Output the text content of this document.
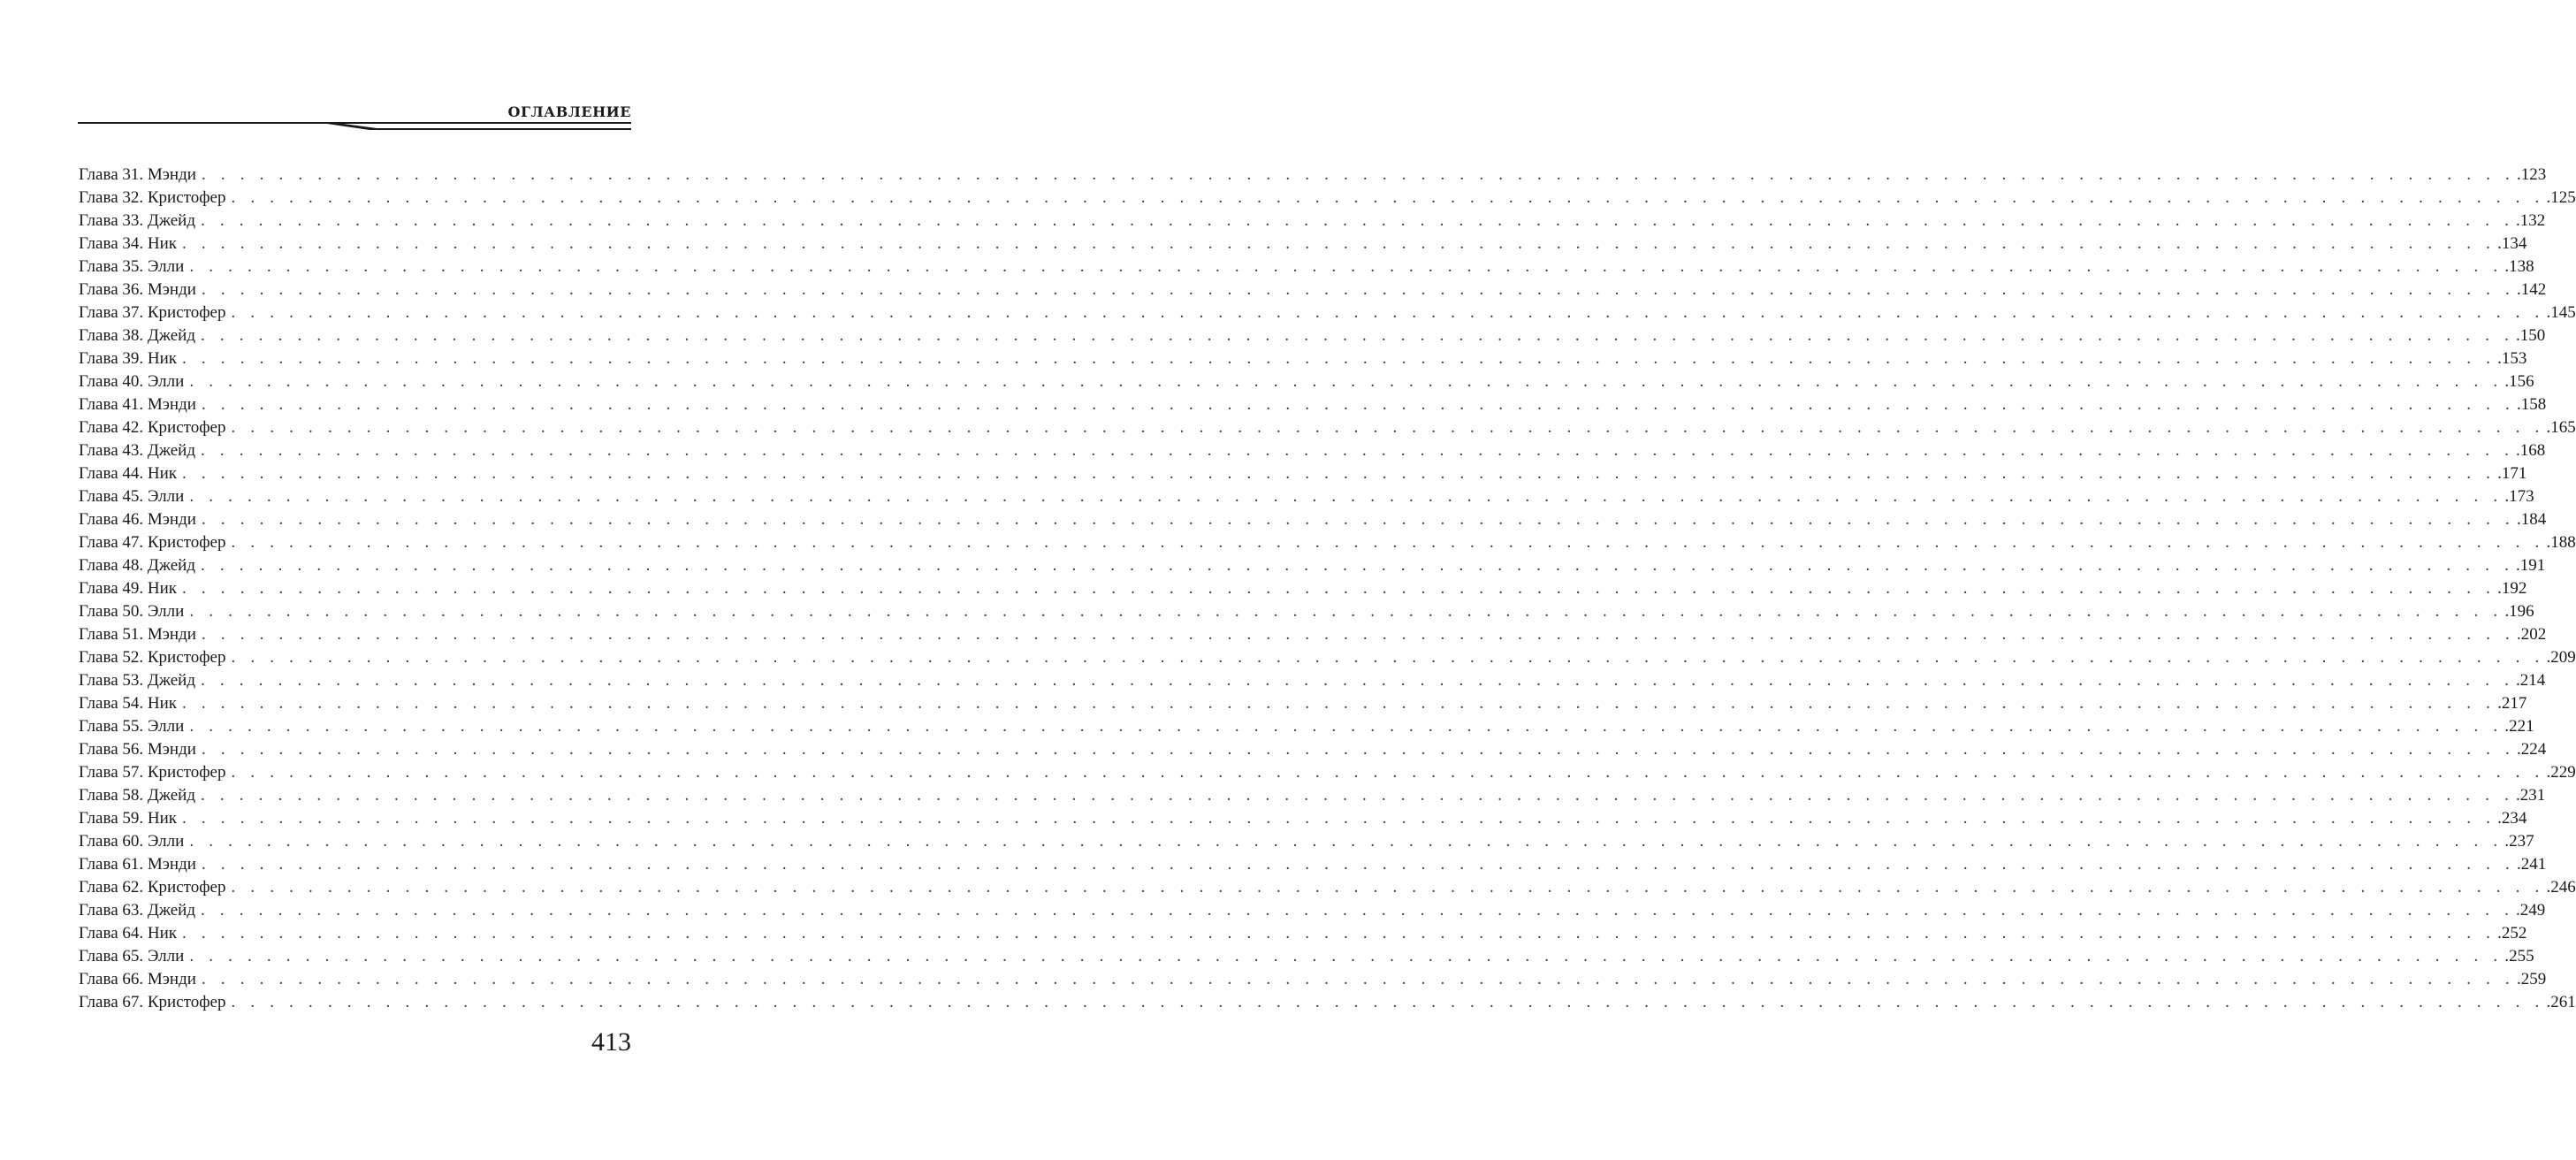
ОГЛАВЛЕНИЕ
Глава 31. Мэнди . . . . . . . . . . . . . . . . . . . . . . . . . . . . . . . . . . . . . . . . . . . . . . . . . . . . . . . . . . . . . . . . . . . . . . . . . . . . . . . . . . . . . . . . . . . . . . . . . . . . . . . . . . . . . . . . . . . . . . . . .123
Глава 32. Кристофер . . . . . . . . . . . . . . . . . . . . . . . . . . . . . . . . . . . . . . . . . . . . . . . . . . . . . . . . . . . . . . . . . . . . . . . . . . . . . . . . . . . . . . . . . . . . . . . . . . . . . . . . . . . . . . . . . . . . . . . . .125
Глава 33. Джейд . . . . . . . . . . . . . . . . . . . . . . . . . . . . . . . . . . . . . . . . . . . . . . . . . . . . . . . . . . . . . . . . . . . . . . . . . . . . . . . . . . . . . . . . . . . . . . . . . . . . . . . . . . . . . . . . . . . . . . . . .132
Глава 34. Ник . . . . . . . . . . . . . . . . . . . . . . . . . . . . . . . . . . . . . . . . . . . . . . . . . . . . . . . . . . . . . . . . . . . . . . . . . . . . . . . . . . . . . . . . . . . . . . . . . . . . . . . . . . . . . . . . . . . . . . . . .134
Глава 35. Элли . . . . . . . . . . . . . . . . . . . . . . . . . . . . . . . . . . . . . . . . . . . . . . . . . . . . . . . . . . . . . . . . . . . . . . . . . . . . . . . . . . . . . . . . . . . . . . . . . . . . . . . . . . . . . . . . . . . . . . . . .138
Глава 36. Мэнди . . . . . . . . . . . . . . . . . . . . . . . . . . . . . . . . . . . . . . . . . . . . . . . . . . . . . . . . . . . . . . . . . . . . . . . . . . . . . . . . . . . . . . . . . . . . . . . . . . . . . . . . . . . . . . . . . . . . . . . . .142
Глава 37. Кристофер . . . . . . . . . . . . . . . . . . . . . . . . . . . . . . . . . . . . . . . . . . . . . . . . . . . . . . . . . . . . . . . . . . . . . . . . . . . . . . . . . . . . . . . . . . . . . . . . . . . . . . . . . . . . . . . . . . . . . . . . .145
Глава 38. Джейд . . . . . . . . . . . . . . . . . . . . . . . . . . . . . . . . . . . . . . . . . . . . . . . . . . . . . . . . . . . . . . . . . . . . . . . . . . . . . . . . . . . . . . . . . . . . . . . . . . . . . . . . . . . . . . . . . . . . . . . . .150
Глава 39. Ник . . . . . . . . . . . . . . . . . . . . . . . . . . . . . . . . . . . . . . . . . . . . . . . . . . . . . . . . . . . . . . . . . . . . . . . . . . . . . . . . . . . . . . . . . . . . . . . . . . . . . . . . . . . . . . . . . . . . . . . . .153
Глава 40. Элли . . . . . . . . . . . . . . . . . . . . . . . . . . . . . . . . . . . . . . . . . . . . . . . . . . . . . . . . . . . . . . . . . . . . . . . . . . . . . . . . . . . . . . . . . . . . . . . . . . . . . . . . . . . . . . . . . . . . . . . . .156
Глава 41. Мэнди . . . . . . . . . . . . . . . . . . . . . . . . . . . . . . . . . . . . . . . . . . . . . . . . . . . . . . . . . . . . . . . . . . . . . . . . . . . . . . . . . . . . . . . . . . . . . . . . . . . . . . . . . . . . . . . . . . . . . . . . .158
Глава 42. Кристофер . . . . . . . . . . . . . . . . . . . . . . . . . . . . . . . . . . . . . . . . . . . . . . . . . . . . . . . . . . . . . . . . . . . . . . . . . . . . . . . . . . . . . . . . . . . . . . . . . . . . . . . . . . . . . . . . . . . . . . . . .165
Глава 43. Джейд . . . . . . . . . . . . . . . . . . . . . . . . . . . . . . . . . . . . . . . . . . . . . . . . . . . . . . . . . . . . . . . . . . . . . . . . . . . . . . . . . . . . . . . . . . . . . . . . . . . . . . . . . . . . . . . . . . . . . . . . .168
Глава 44. Ник . . . . . . . . . . . . . . . . . . . . . . . . . . . . . . . . . . . . . . . . . . . . . . . . . . . . . . . . . . . . . . . . . . . . . . . . . . . . . . . . . . . . . . . . . . . . . . . . . . . . . . . . . . . . . . . . . . . . . . . . .171
Глава 45. Элли . . . . . . . . . . . . . . . . . . . . . . . . . . . . . . . . . . . . . . . . . . . . . . . . . . . . . . . . . . . . . . . . . . . . . . . . . . . . . . . . . . . . . . . . . . . . . . . . . . . . . . . . . . . . . . . . . . . . . . . . .173
Глава 46. Мэнди . . . . . . . . . . . . . . . . . . . . . . . . . . . . . . . . . . . . . . . . . . . . . . . . . . . . . . . . . . . . . . . . . . . . . . . . . . . . . . . . . . . . . . . . . . . . . . . . . . . . . . . . . . . . . . . . . . . . . . . . .184
Глава 47. Кристофер . . . . . . . . . . . . . . . . . . . . . . . . . . . . . . . . . . . . . . . . . . . . . . . . . . . . . . . . . . . . . . . . . . . . . . . . . . . . . . . . . . . . . . . . . . . . . . . . . . . . . . . . . . . . . . . . . . . . . . . . .188
Глава 48. Джейд . . . . . . . . . . . . . . . . . . . . . . . . . . . . . . . . . . . . . . . . . . . . . . . . . . . . . . . . . . . . . . . . . . . . . . . . . . . . . . . . . . . . . . . . . . . . . . . . . . . . . . . . . . . . . . . . . . . . . . . . .191
Глава 49. Ник . . . . . . . . . . . . . . . . . . . . . . . . . . . . . . . . . . . . . . . . . . . . . . . . . . . . . . . . . . . . . . . . . . . . . . . . . . . . . . . . . . . . . . . . . . . . . . . . . . . . . . . . . . . . . . . . . . . . . . . . .192
Глава 50. Элли . . . . . . . . . . . . . . . . . . . . . . . . . . . . . . . . . . . . . . . . . . . . . . . . . . . . . . . . . . . . . . . . . . . . . . . . . . . . . . . . . . . . . . . . . . . . . . . . . . . . . . . . . . . . . . . . . . . . . . . . .196
Глава 51. Мэнди . . . . . . . . . . . . . . . . . . . . . . . . . . . . . . . . . . . . . . . . . . . . . . . . . . . . . . . . . . . . . . . . . . . . . . . . . . . . . . . . . . . . . . . . . . . . . . . . . . . . . . . . . . . . . . . . . . . . . . . . .202
Глава 52. Кристофер . . . . . . . . . . . . . . . . . . . . . . . . . . . . . . . . . . . . . . . . . . . . . . . . . . . . . . . . . . . . . . . . . . . . . . . . . . . . . . . . . . . . . . . . . . . . . . . . . . . . . . . . . . . . . . . . . . . . . . . . .209
Глава 53. Джейд . . . . . . . . . . . . . . . . . . . . . . . . . . . . . . . . . . . . . . . . . . . . . . . . . . . . . . . . . . . . . . . . . . . . . . . . . . . . . . . . . . . . . . . . . . . . . . . . . . . . . . . . . . . . . . . . . . . . . . . . .214
Глава 54. Ник . . . . . . . . . . . . . . . . . . . . . . . . . . . . . . . . . . . . . . . . . . . . . . . . . . . . . . . . . . . . . . . . . . . . . . . . . . . . . . . . . . . . . . . . . . . . . . . . . . . . . . . . . . . . . . . . . . . . . . . . .217
Глава 55. Элли . . . . . . . . . . . . . . . . . . . . . . . . . . . . . . . . . . . . . . . . . . . . . . . . . . . . . . . . . . . . . . . . . . . . . . . . . . . . . . . . . . . . . . . . . . . . . . . . . . . . . . . . . . . . . . . . . . . . . . . . .221
Глава 56. Мэнди . . . . . . . . . . . . . . . . . . . . . . . . . . . . . . . . . . . . . . . . . . . . . . . . . . . . . . . . . . . . . . . . . . . . . . . . . . . . . . . . . . . . . . . . . . . . . . . . . . . . . . . . . . . . . . . . . . . . . . . . .224
Глава 57. Кристофер . . . . . . . . . . . . . . . . . . . . . . . . . . . . . . . . . . . . . . . . . . . . . . . . . . . . . . . . . . . . . . . . . . . . . . . . . . . . . . . . . . . . . . . . . . . . . . . . . . . . . . . . . . . . . . . . . . . . . . . . .229
Глава 58. Джейд . . . . . . . . . . . . . . . . . . . . . . . . . . . . . . . . . . . . . . . . . . . . . . . . . . . . . . . . . . . . . . . . . . . . . . . . . . . . . . . . . . . . . . . . . . . . . . . . . . . . . . . . . . . . . . . . . . . . . . . . .231
Глава 59. Ник . . . . . . . . . . . . . . . . . . . . . . . . . . . . . . . . . . . . . . . . . . . . . . . . . . . . . . . . . . . . . . . . . . . . . . . . . . . . . . . . . . . . . . . . . . . . . . . . . . . . . . . . . . . . . . . . . . . . . . . . .234
Глава 60. Элли . . . . . . . . . . . . . . . . . . . . . . . . . . . . . . . . . . . . . . . . . . . . . . . . . . . . . . . . . . . . . . . . . . . . . . . . . . . . . . . . . . . . . . . . . . . . . . . . . . . . . . . . . . . . . . . . . . . . . . . . .237
Глава 61. Мэнди . . . . . . . . . . . . . . . . . . . . . . . . . . . . . . . . . . . . . . . . . . . . . . . . . . . . . . . . . . . . . . . . . . . . . . . . . . . . . . . . . . . . . . . . . . . . . . . . . . . . . . . . . . . . . . . . . . . . . . . . .241
Глава 62. Кристофер . . . . . . . . . . . . . . . . . . . . . . . . . . . . . . . . . . . . . . . . . . . . . . . . . . . . . . . . . . . . . . . . . . . . . . . . . . . . . . . . . . . . . . . . . . . . . . . . . . . . . . . . . . . . . . . . . . . . . . . . .246
Глава 63. Джейд . . . . . . . . . . . . . . . . . . . . . . . . . . . . . . . . . . . . . . . . . . . . . . . . . . . . . . . . . . . . . . . . . . . . . . . . . . . . . . . . . . . . . . . . . . . . . . . . . . . . . . . . . . . . . . . . . . . . . . . . .249
Глава 64. Ник . . . . . . . . . . . . . . . . . . . . . . . . . . . . . . . . . . . . . . . . . . . . . . . . . . . . . . . . . . . . . . . . . . . . . . . . . . . . . . . . . . . . . . . . . . . . . . . . . . . . . . . . . . . . . . . . . . . . . . . . .252
Глава 65. Элли . . . . . . . . . . . . . . . . . . . . . . . . . . . . . . . . . . . . . . . . . . . . . . . . . . . . . . . . . . . . . . . . . . . . . . . . . . . . . . . . . . . . . . . . . . . . . . . . . . . . . . . . . . . . . . . . . . . . . . . . .255
Глава 66. Мэнди . . . . . . . . . . . . . . . . . . . . . . . . . . . . . . . . . . . . . . . . . . . . . . . . . . . . . . . . . . . . . . . . . . . . . . . . . . . . . . . . . . . . . . . . . . . . . . . . . . . . . . . . . . . . . . . . . . . . . . . . .259
Глава 67. Кристофер . . . . . . . . . . . . . . . . . . . . . . . . . . . . . . . . . . . . . . . . . . . . . . . . . . . . . . . . . . . . . . . . . . . . . . . . . . . . . . . . . . . . . . . . . . . . . . . . . . . . . . . . . . . . . . . . . . . . . . . . .261
413
